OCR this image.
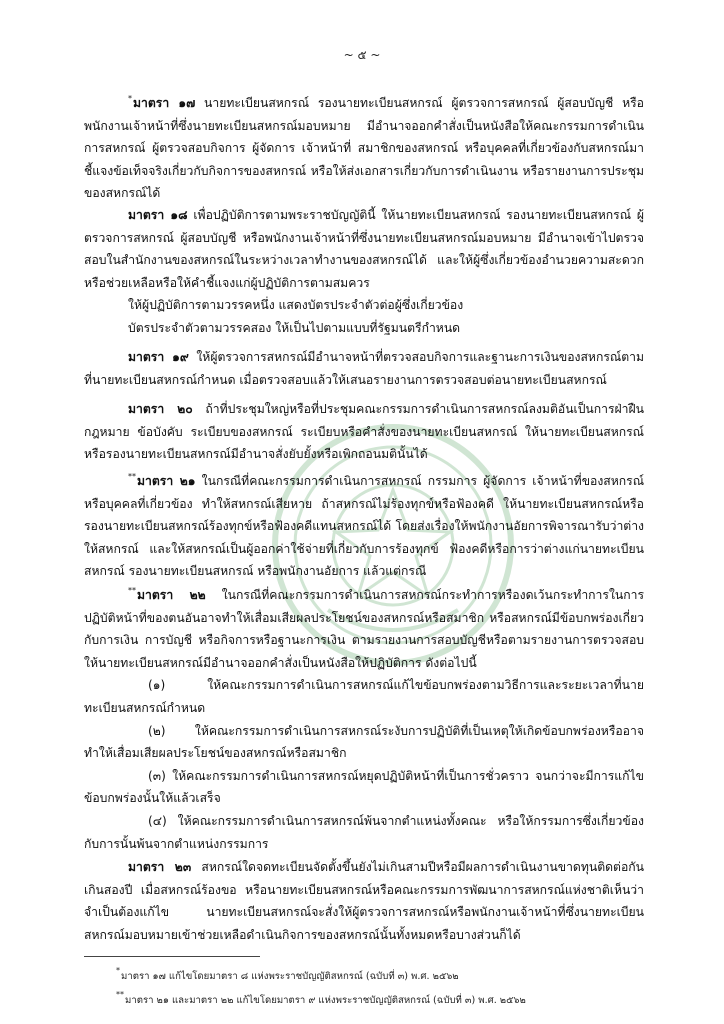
~ ๕ ~

*มาตรา ๑๗ นายทะเบียนสหกรณ์ รองนายทะเบียนสหกรณ์ ผู้ตรวจการสหกรณ์ ผู้สอบบัญชี หรือพนักงานเจ้าหน้าที่ซึ่งนายทะเบียนสหกรณ์มอบหมาย มีอำนาจออกคำสั่งเป็นหนังสือให้คณะกรรมการดำเนินการสหกรณ์ ผู้ตรวจสอบกิจการ ผู้จัดการ เจ้าหน้าที่ สมาชิกของสหกรณ์ หรือบุคคลที่เกี่ยวข้องกับสหกรณ์มาชี้แจงข้อเท็จจริงเกี่ยวกับกิจการของสหกรณ์ หรือให้ส่งเอกสารเกี่ยวกับการดำเนินงาน หรือรายงานการประชุมของสหกรณ์ได้

มาตรา ๑๘ เพื่อปฏิบัติการตามพระราชบัญญัตินี้ ให้นายทะเบียนสหกรณ์ รองนายทะเบียนสหกรณ์ ผู้ตรวจการสหกรณ์ ผู้สอบบัญชี หรือพนักงานเจ้าหน้าที่ซึ่งนายทะเบียนสหกรณ์มอบหมาย มีอำนาจเข้าไปตรวจสอบในสำนักงานของสหกรณ์ในระหว่างเวลาทำงานของสหกรณ์ได้ และให้ผู้ซึ่งเกี่ยวข้องอำนวยความสะดวกหรือช่วยเหลือหรือให้คำชี้แจงแก่ผู้ปฏิบัติการตามสมควร

ให้ผู้ปฏิบัติการตามวรรคหนึ่ง แสดงบัตรประจำตัวต่อผู้ซึ่งเกี่ยวข้อง

บัตรประจำตัวตามวรรคสอง ให้เป็นไปตามแบบที่รัฐมนตรีกำหนด

มาตรา ๑๙ ให้ผู้ตรวจการสหกรณ์มีอำนาจหน้าที่ตรวจสอบกิจการและฐานะการเงินของสหกรณ์ตามที่นายทะเบียนสหกรณ์กำหนด เมื่อตรวจสอบแล้วให้เสนอรายงานการตรวจสอบต่อนายทะเบียนสหกรณ์

มาตรา ๒๐ ถ้าที่ประชุมใหญ่หรือที่ประชุมคณะกรรมการดำเนินการสหกรณ์ลงมติอันเป็นการฝ่าฝืนกฎหมาย ข้อบังคับ ระเบียบของสหกรณ์ ระเบียบหรือคำสั่งของนายทะเบียนสหกรณ์ ให้นายทะเบียนสหกรณ์หรือรองนายทะเบียนสหกรณ์มีอำนาจสั่งยับยั้งหรือเพิกถอนมตินั้นได้

**มาตรา ๒๑ ในกรณีที่คณะกรรมการดำเนินการสหกรณ์ กรรมการ ผู้จัดการ เจ้าหน้าที่ของสหกรณ์ หรือบุคคลที่เกี่ยวข้อง ทำให้สหกรณ์เสียหาย ถ้าสหกรณ์ไม่ร้องทุกข์หรือฟ้องคดี ให้นายทะเบียนสหกรณ์หรือรองนายทะเบียนสหกรณ์ร้องทุกข์หรือฟ้องคดีแทนสหกรณ์ได้ โดยส่งเรื่องให้พนักงานอัยการพิจารณารับว่าต่างให้สหกรณ์ และให้สหกรณ์เป็นผู้ออกค่าใช้จ่ายที่เกี่ยวกับการร้องทุกข์ ฟ้องคดีหรือการว่าต่างแก่นายทะเบียนสหกรณ์ รองนายทะเบียนสหกรณ์ หรือพนักงานอัยการ แล้วแต่กรณี

**มาตรา ๒๒ ในกรณีที่คณะกรรมการดำเนินการสหกรณ์กระทำการหรืองดเว้นกระทำการในการปฏิบัติหน้าที่ของตนอันอาจทำให้เสื่อมเสียผลประโยชน์ของสหกรณ์หรือสมาชิก หรือสหกรณ์มีข้อบกพร่องเกี่ยวกับการเงิน การบัญชี หรือกิจการหรือฐานะการเงิน ตามรายงานการสอบบัญชีหรือตามรายงานการตรวจสอบ ให้นายทะเบียนสหกรณ์มีอำนาจออกคำสั่งเป็นหนังสือให้ปฏิบัติการ ดังต่อไปนี้

(๑) ให้คณะกรรมการดำเนินการสหกรณ์แก้ไขข้อบกพร่องตามวิธีการและระยะเวลาที่นายทะเบียนสหกรณ์กำหนด

(๒) ให้คณะกรรมการดำเนินการสหกรณ์ระงับการปฏิบัติที่เป็นเหตุให้เกิดข้อบกพร่องหรืออาจทำให้เสื่อมเสียผลประโยชน์ของสหกรณ์หรือสมาชิก

(๓) ให้คณะกรรมการดำเนินการสหกรณ์หยุดปฏิบัติหน้าที่เป็นการชั่วคราว จนกว่าจะมีการแก้ไขข้อบกพร่องนั้นให้แล้วเสร็จ

(๔) ให้คณะกรรมการดำเนินการสหกรณ์พ้นจากตำแหน่งทั้งคณะ หรือให้กรรมการซึ่งเกี่ยวข้องกับการนั้นพ้นจากตำแหน่งกรรมการ

มาตรา ๒๓ สหกรณ์ใดจดทะเบียนจัดตั้งขึ้นยังไม่เกินสามปีหรือมีผลการดำเนินงานขาดทุนติดต่อกันเกินสองปี เมื่อสหกรณ์ร้องขอ หรือนายทะเบียนสหกรณ์หรือคณะกรรมการพัฒนาการสหกรณ์แห่งชาติเห็นว่าจำเป็นต้องแก้ไข นายทะเบียนสหกรณ์จะสั่งให้ผู้ตรวจการสหกรณ์หรือพนักงานเจ้าหน้าที่ซึ่งนายทะเบียนสหกรณ์มอบหมายเข้าช่วยเหลือดำเนินกิจการของสหกรณ์นั้นทั้งหมดหรือบางส่วนก็ได้

*มาตรา ๑๗ แก้ไขโดยมาตรา ๘ แห่งพระราชบัญญัติสหกรณ์ (ฉบับที่ ๓) พ.ศ. ๒๕๖๒

**มาตรา ๒๑ และมาตรา ๒๒ แก้ไขโดยมาตรา ๙ แห่งพระราชบัญญัติสหกรณ์ (ฉบับที่ ๓) พ.ศ. ๒๕๖๒
